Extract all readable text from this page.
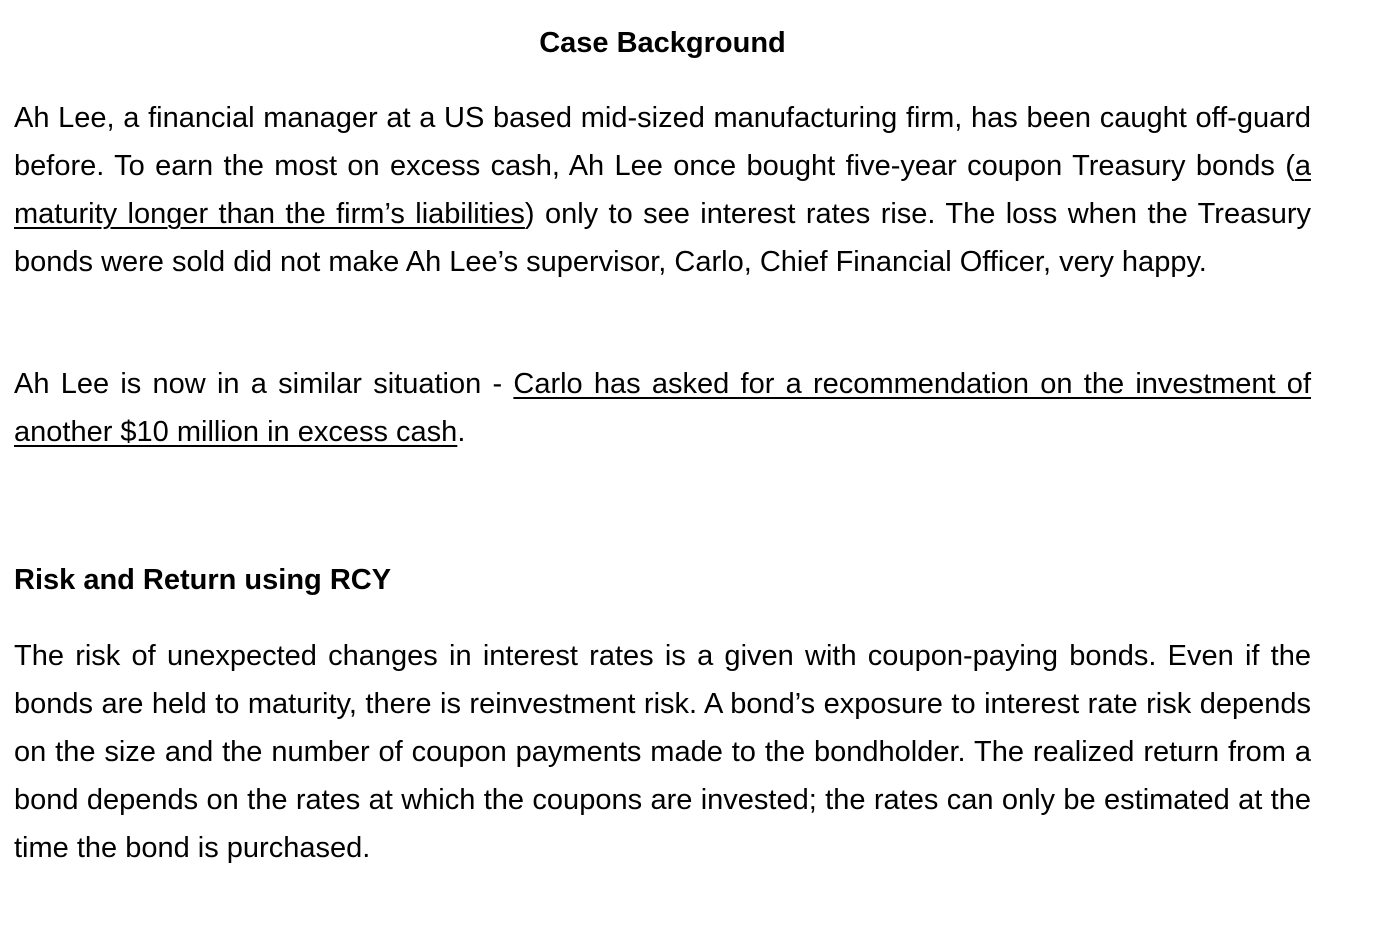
Case Background

Ah Lee, a financial manager at a US based mid-sized manufacturing firm, has been caught off-guard before. To earn the most on excess cash, Ah Lee once bought five-year coupon Treasury bonds (a maturity longer than the firm’s liabilities) only to see interest rates rise. The loss when the Treasury bonds were sold did not make Ah Lee’s supervisor, Carlo, Chief Financial Officer, very happy.

Ah Lee is now in a similar situation - Carlo has asked for a recommendation on the investment of another $10 million in excess cash.

Risk and Return using RCY

The risk of unexpected changes in interest rates is a given with coupon-paying bonds. Even if the bonds are held to maturity, there is reinvestment risk. A bond’s exposure to interest rate risk depends on the size and the number of coupon payments made to the bondholder. The realized return from a bond depends on the rates at which the coupons are invested; the rates can only be estimated at the time the bond is purchased.
